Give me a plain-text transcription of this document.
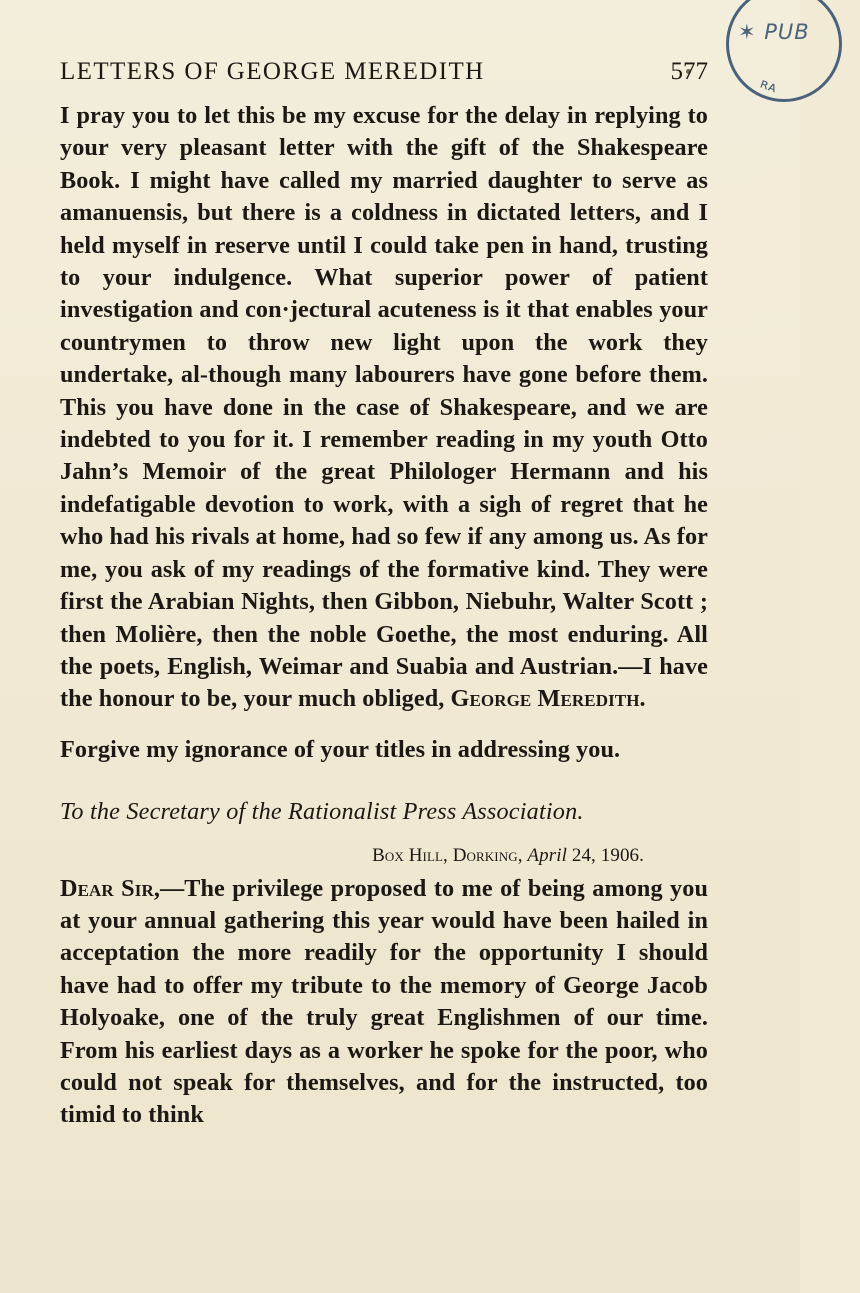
✶ PUB
ʀᴀ
LETTERS OF GEORGE MEREDITH	577

I pray you to let this be my excuse for the delay in replying to your very pleasant letter with the gift of the Shakespeare Book. I might have called my married daughter to serve as amanuensis, but there is a coldness in dictated letters, and I held myself in reserve until I could take pen in hand, trusting to your indulgence. What superior power of patient investigation and con·jectural acuteness is it that enables your countrymen to throw new light upon the work they undertake, al-though many labourers have gone before them. This you have done in the case of Shakespeare, and we are indebted to you for it. I remember reading in my youth Otto Jahn’s Memoir of the great Philologer Hermann and his indefatigable devotion to work, with a sigh of regret that he who had his rivals at home, had so few if any among us. As for me, you ask of my readings of the formative kind. They were first the Arabian Nights, then Gibbon, Niebuhr, Walter Scott ; then Molière, then the noble Goethe, the most enduring. All the poets, English, Weimar and Suabia and Austrian.—I have the honour to be, your much obliged, George Meredith.

Forgive my ignorance of your titles in addressing you.

To the Secretary of the Rationalist Press Association.

Box Hill, Dorking, April 24, 1906.

Dear Sir,—The privilege proposed to me of being among you at your annual gathering this year would have been hailed in acceptation the more readily for the opportunity I should have had to offer my tribute to the memory of George Jacob Holyoake, one of the truly great Englishmen of our time. From his earliest days as a worker he spoke for the poor, who could not speak for themselves, and for the instructed, too timid to think
